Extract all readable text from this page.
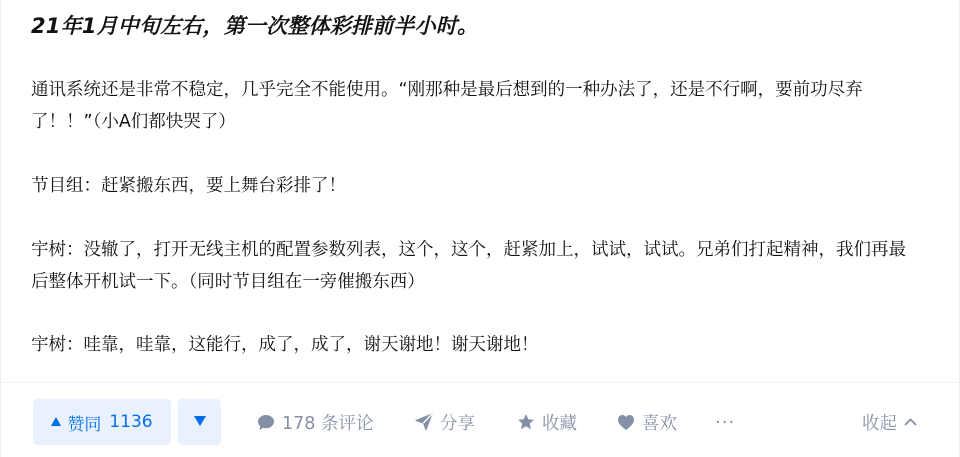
21年1月中旬左右，第一次整体彩排前半小时。
通讯系统还是非常不稳定，几乎完全不能使用。“刚那种是最后想到的一种办法了，还是不行啊，要前功尽弃了！！”（小A们都快哭了）
节目组：赶紧搬东西，要上舞台彩排了！
宇树：没辙了，打开无线主机的配置参数列表，这个，这个，赶紧加上，试试，试试。兄弟们打起精神，我们再最后整体开机试一下。（同时节目组在一旁催搬东西）
宇树：哇靠，哇靠，这能行，成了，成了，谢天谢地！谢天谢地！
赞同 1136	178 条评论	分享	收藏	喜欢 ···	收起
